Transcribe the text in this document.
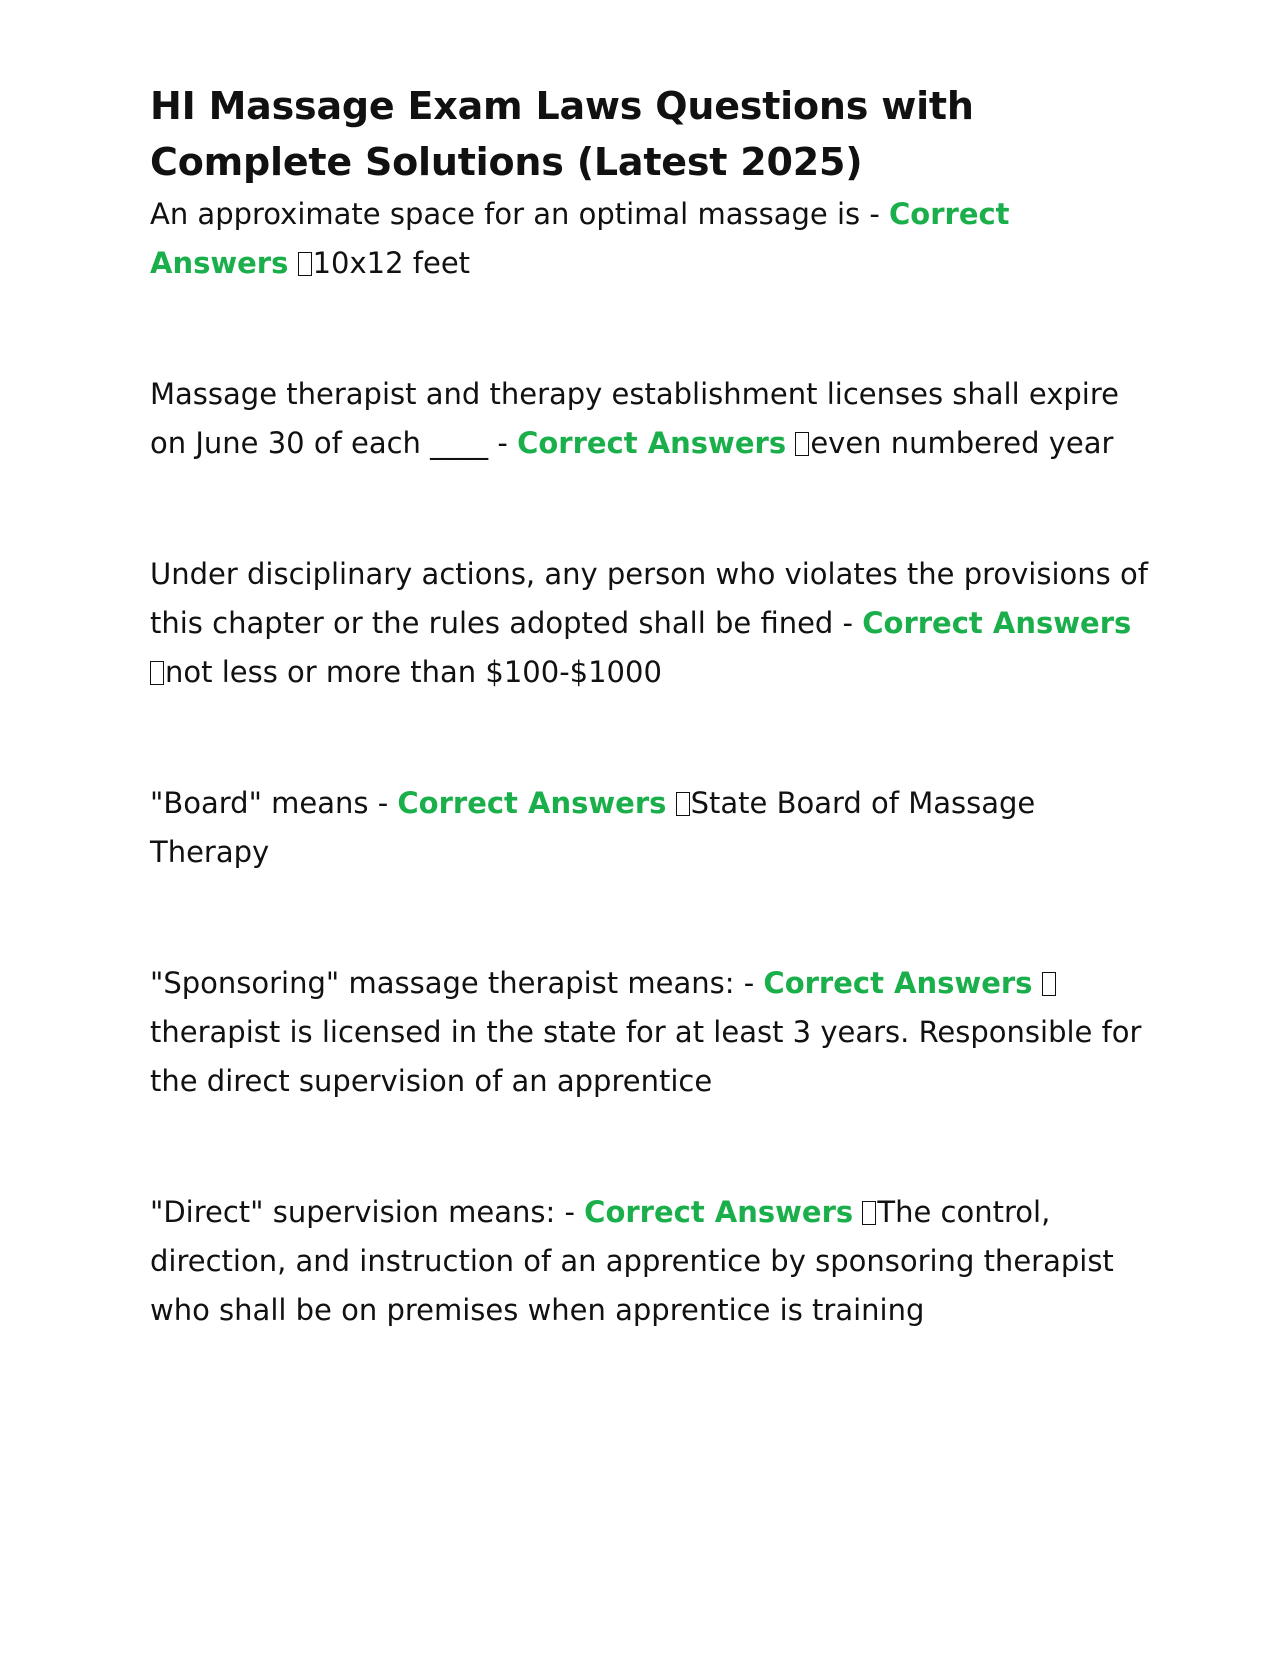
HI Massage Exam Laws Questions with Complete Solutions (Latest 2025)

An approximate space for an optimal massage is - Correct Answers 10x12 feet

Massage therapist and therapy establishment licenses shall expire on June 30 of each ____ - Correct Answers even numbered year

Under disciplinary actions, any person who violates the provisions of this chapter or the rules adopted shall be fined - Correct Answers not less or more than $100-$1000

"Board" means - Correct Answers State Board of Massage Therapy

"Sponsoring" massage therapist means: - Correct Answers therapist is licensed in the state for at least 3 years. Responsible for the direct supervision of an apprentice

"Direct" supervision means: - Correct Answers The control, direction, and instruction of an apprentice by sponsoring therapist who shall be on premises when apprentice is training
